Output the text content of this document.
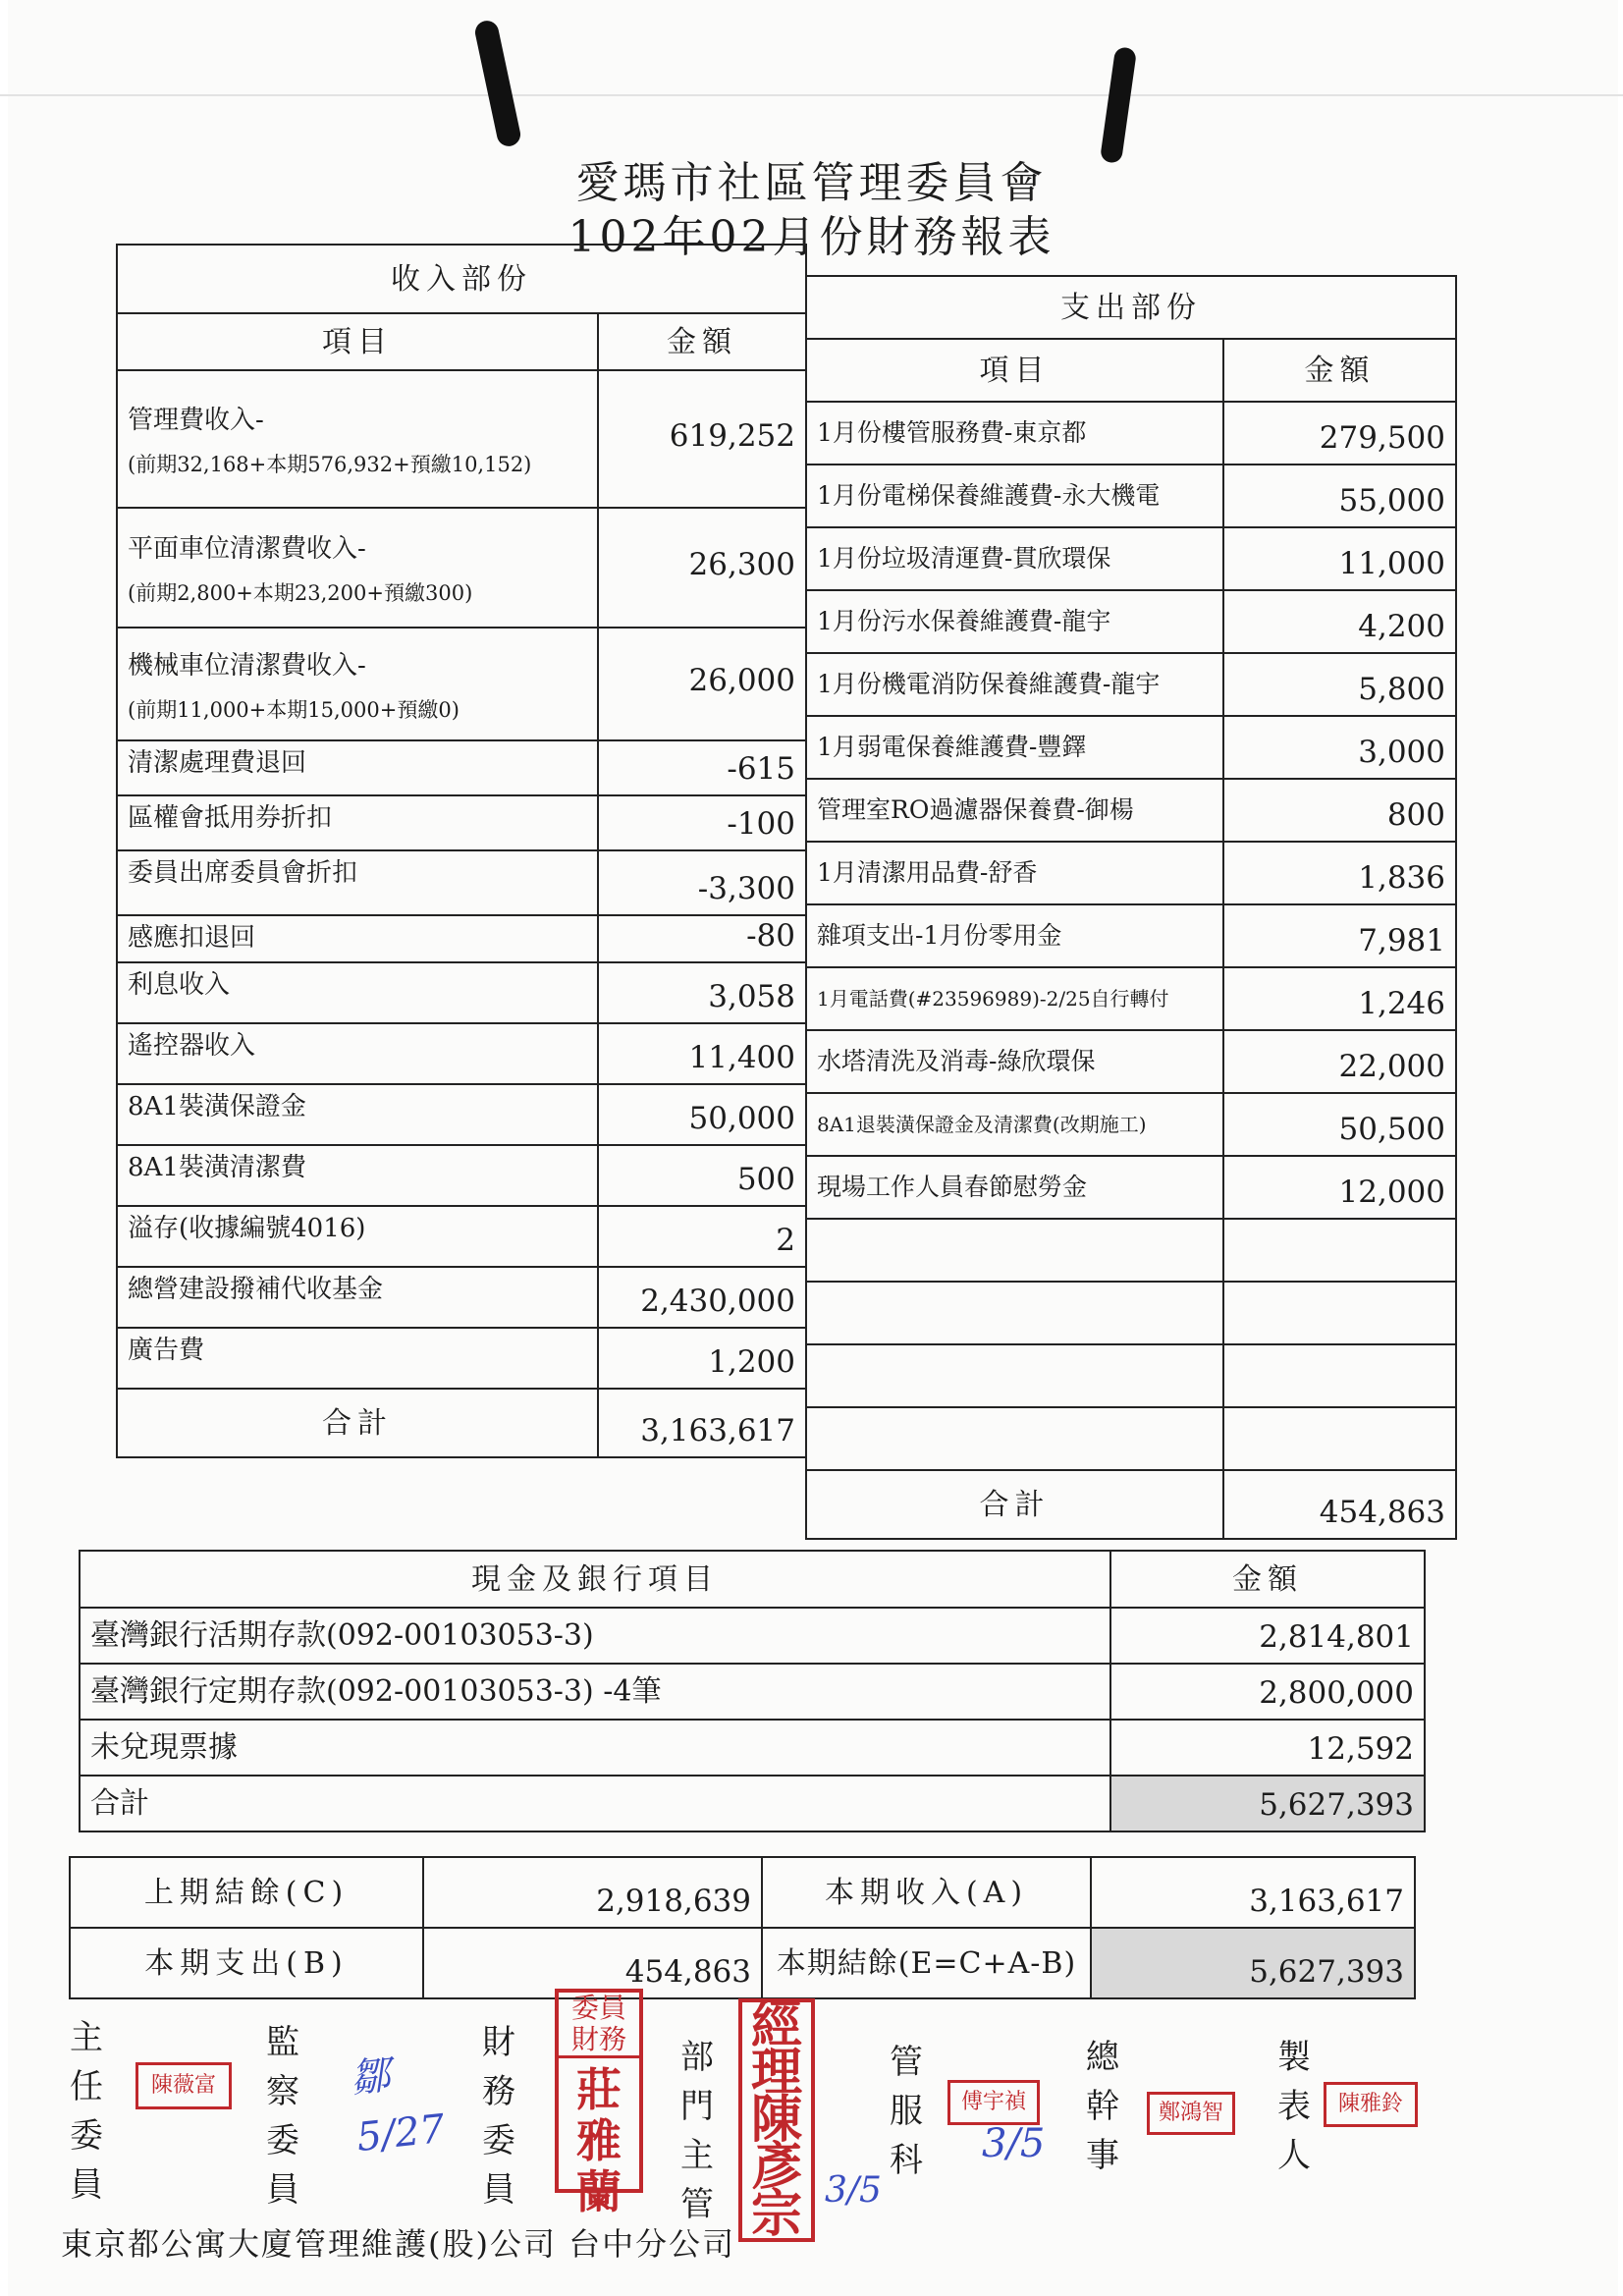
愛瑪市社區管理委員會
102年02月份財務報表
收入部份	
項目	金額

管理費收入-
(前期32,168+本期576,932+預繳10,152)	619,252

平面車位清潔費收入-
(前期2,800+本期23,200+預繳300)	26,300

機械車位清潔費收入-
(前期11,000+本期15,000+預繳0)	26,000

清潔處理費退回	-615

區權會抵用券折扣	-100

委員出席委員會折扣	-3,300

感應扣退回	-80

利息收入	3,058

遙控器收入	11,400

8A1裝潢保證金	50,000

8A1裝潢清潔費	500

溢存(收據編號4016)	2

總營建設撥補代收基金	2,430,000

廣告費	1,200
合計	3,163,617
支出部份	
項目	金額
1月份樓管服務費-東京都	279,500
1月份電梯保養維護費-永大機電	55,000
1月份垃圾清運費-貫欣環保	11,000
1月份污水保養維護費-龍宇	4,200
1月份機電消防保養維護費-龍宇	5,800
1月弱電保養維護費-豐鐸	3,000
管理室RO過濾器保養費-御楊	800
1月清潔用品費-舒香	1,836
雜項支出-1月份零用金	7,981
1月電話費(#23596989)-2/25自行轉付	1,246
水塔清洗及消毒-綠欣環保	22,000
8A1退裝潢保證金及清潔費(改期施工)	50,500
現場工作人員春節慰勞金	12,000

合計	454,863
現金及銀行項目	金額
臺灣銀行活期存款(092-00103053-3)	2,814,801
臺灣銀行定期存款(092-00103053-3) -4筆	2,800,000
未兌現票據	12,592
合計	5,627,393
上期結餘(C)	2,918,639	本期收入(A)	3,163,617
本期支出(B)	454,863	本期結餘(E=C+A-B)	5,627,393
主任委員
陳薇富
監察委員
鄒 5/27
財務委員
委員 財務
莊雅蘭
部門主管
經理陳彥宗 3/5
管服科
傅宇禎
3/5
總幹事
鄭鴻智
製表人
陳雅鈴
東京都公寓大廈管理維護(股)公司 台中分公司
